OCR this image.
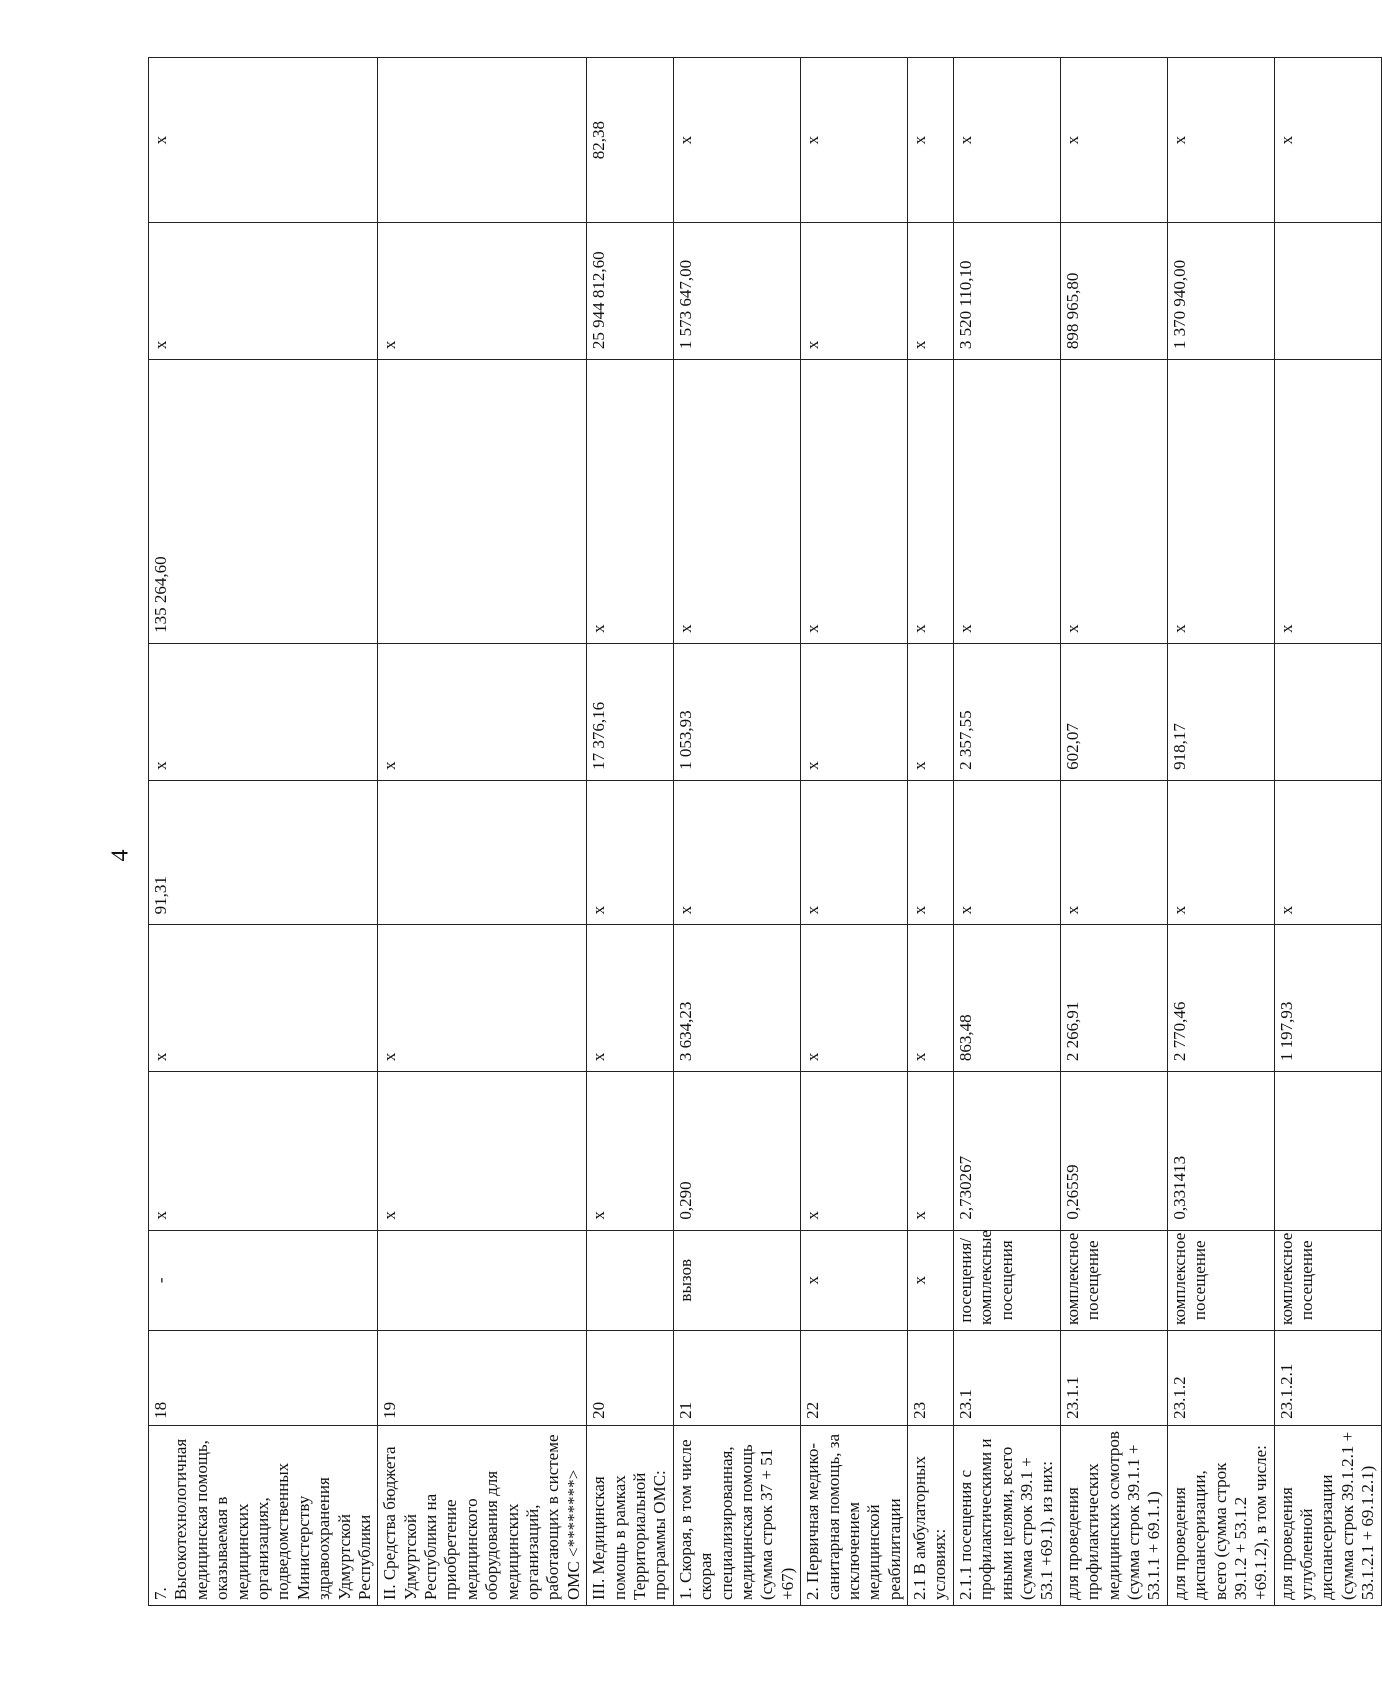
4
7. Высокотехнологичная медицинская помощь, оказываемая в медицинских организациях, подведомственных Министерству здравоохранения Удмуртской Республики	18	-	x	x	91,31	x	135 264,60	x	x
II. Средства бюджета Удмуртской Республики на приобретение медицинского оборудования для медицинских организаций, работающих в системе ОМС <********>	19		x	x		x		x	
III. Медицинская помощь в рамках Территориальной программы ОМС:	20		x	x	x	17 376,16	x	25 944 812,60	82,38
1. Скорая, в том числе скорая специализированная, медицинская помощь (сумма строк 37 + 51 +67)	21	вызов	0,290	3 634,23	x	1 053,93	x	1 573 647,00	x
2. Первичная медико-санитарная помощь, за исключением медицинской реабилитации	22	x	x	x	x	x	x	x	x
2.1 В амбулаторных условиях:	23	x	x	x	x	x	x	x	x
2.1.1 посещения с профилактическими и иными целями, всего (сумма строк 39.1 + 53.1 +69.1), из них:	23.1	посещения/ комплексные посещения	2,730267	863,48	x	2 357,55	x	3 520 110,10	x
для проведения профилактических медицинских осмотров (сумма строк 39.1.1 + 53.1.1 + 69.1.1)	23.1.1	комплексное посещение	0,26559	2 266,91	x	602,07	x	898 965,80	x
для проведения диспансеризации, всего (сумма строк 39.1.2 + 53.1.2 +69.1.2), в том числе:	23.1.2	комплексное посещение	0,331413	2 770,46	x	918,17	x	1 370 940,00	x
для проведения углубленной диспансеризации (сумма строк 39.1.2.1 + 53.1.2.1 + 69.1.2.1)	23.1.2.1	комплексное посещение		1 197,93	x		x		x
